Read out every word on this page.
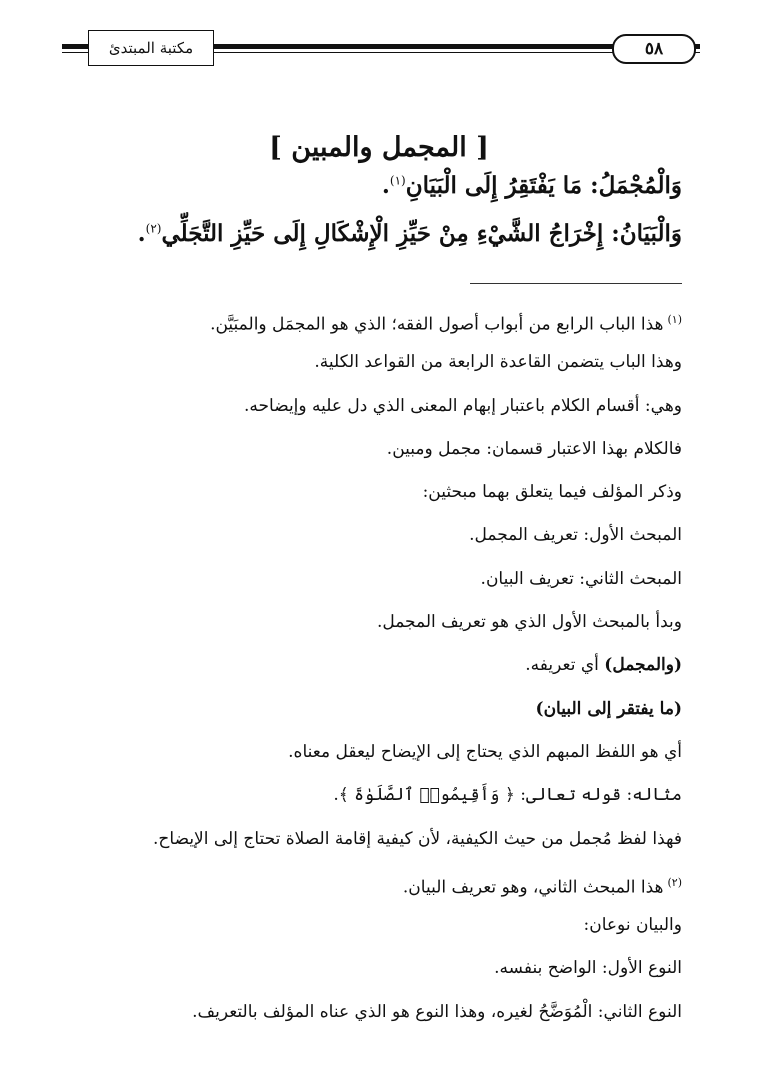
مكتبة المبتدئ	٥٨
[ المجمل والمبين ]
وَالْمُجْمَلُ: مَا يَفْتَقِرُ إِلَى الْبَيَانِ$^{(١)}$.
وَالْبَيَانُ: إِخْرَاجُ الشَّيْءِ مِنْ حَيِّزِ الْإِشْكَالِ إِلَى حَيِّزِ التَّجَلِّي$^{(٢)}$.
$^{(١)}$هذا الباب الرابع من أبواب أصول الفقه؛ الذي هو المجمَل والمبَيَّن.
وهذا الباب يتضمن القاعدة الرابعة من القواعد الكلية.
وهي: أقسام الكلام باعتبار إبهام المعنى الذي دل عليه وإيضاحه.
فالكلام بهذا الاعتبار قسمان: مجمل ومبين.
وذكر المؤلف فيما يتعلق بهما مبحثين:
المبحث الأول: تعريف المجمل.
المبحث الثاني: تعريف البيان.
وبدأ بالمبحث الأول الذي هو تعريف المجمل.
(والمجمل) أي تعريفه.
(ما يفتقر إلى البيان)
أي هو اللفظ المبهم الذي يحتاج إلى الإيضاح ليعقل معناه.
مثاله: قوله تعالى: ﴿ وَأَقِيمُوا۟ ٱلصَّلَوٰةَ ﴾.
فهذا لفظ مُجمل من حيث الكيفية، لأن كيفية إقامة الصلاة تحتاج إلى الإيضاح.
$^{(٢)}$هذا المبحث الثاني، وهو تعريف البيان.
والبيان نوعان:
النوع الأول: الواضح بنفسه.
النوع الثاني: الْمُوَضَّحُ لغيره، وهذا النوع هو الذي عناه المؤلف بالتعريف.
